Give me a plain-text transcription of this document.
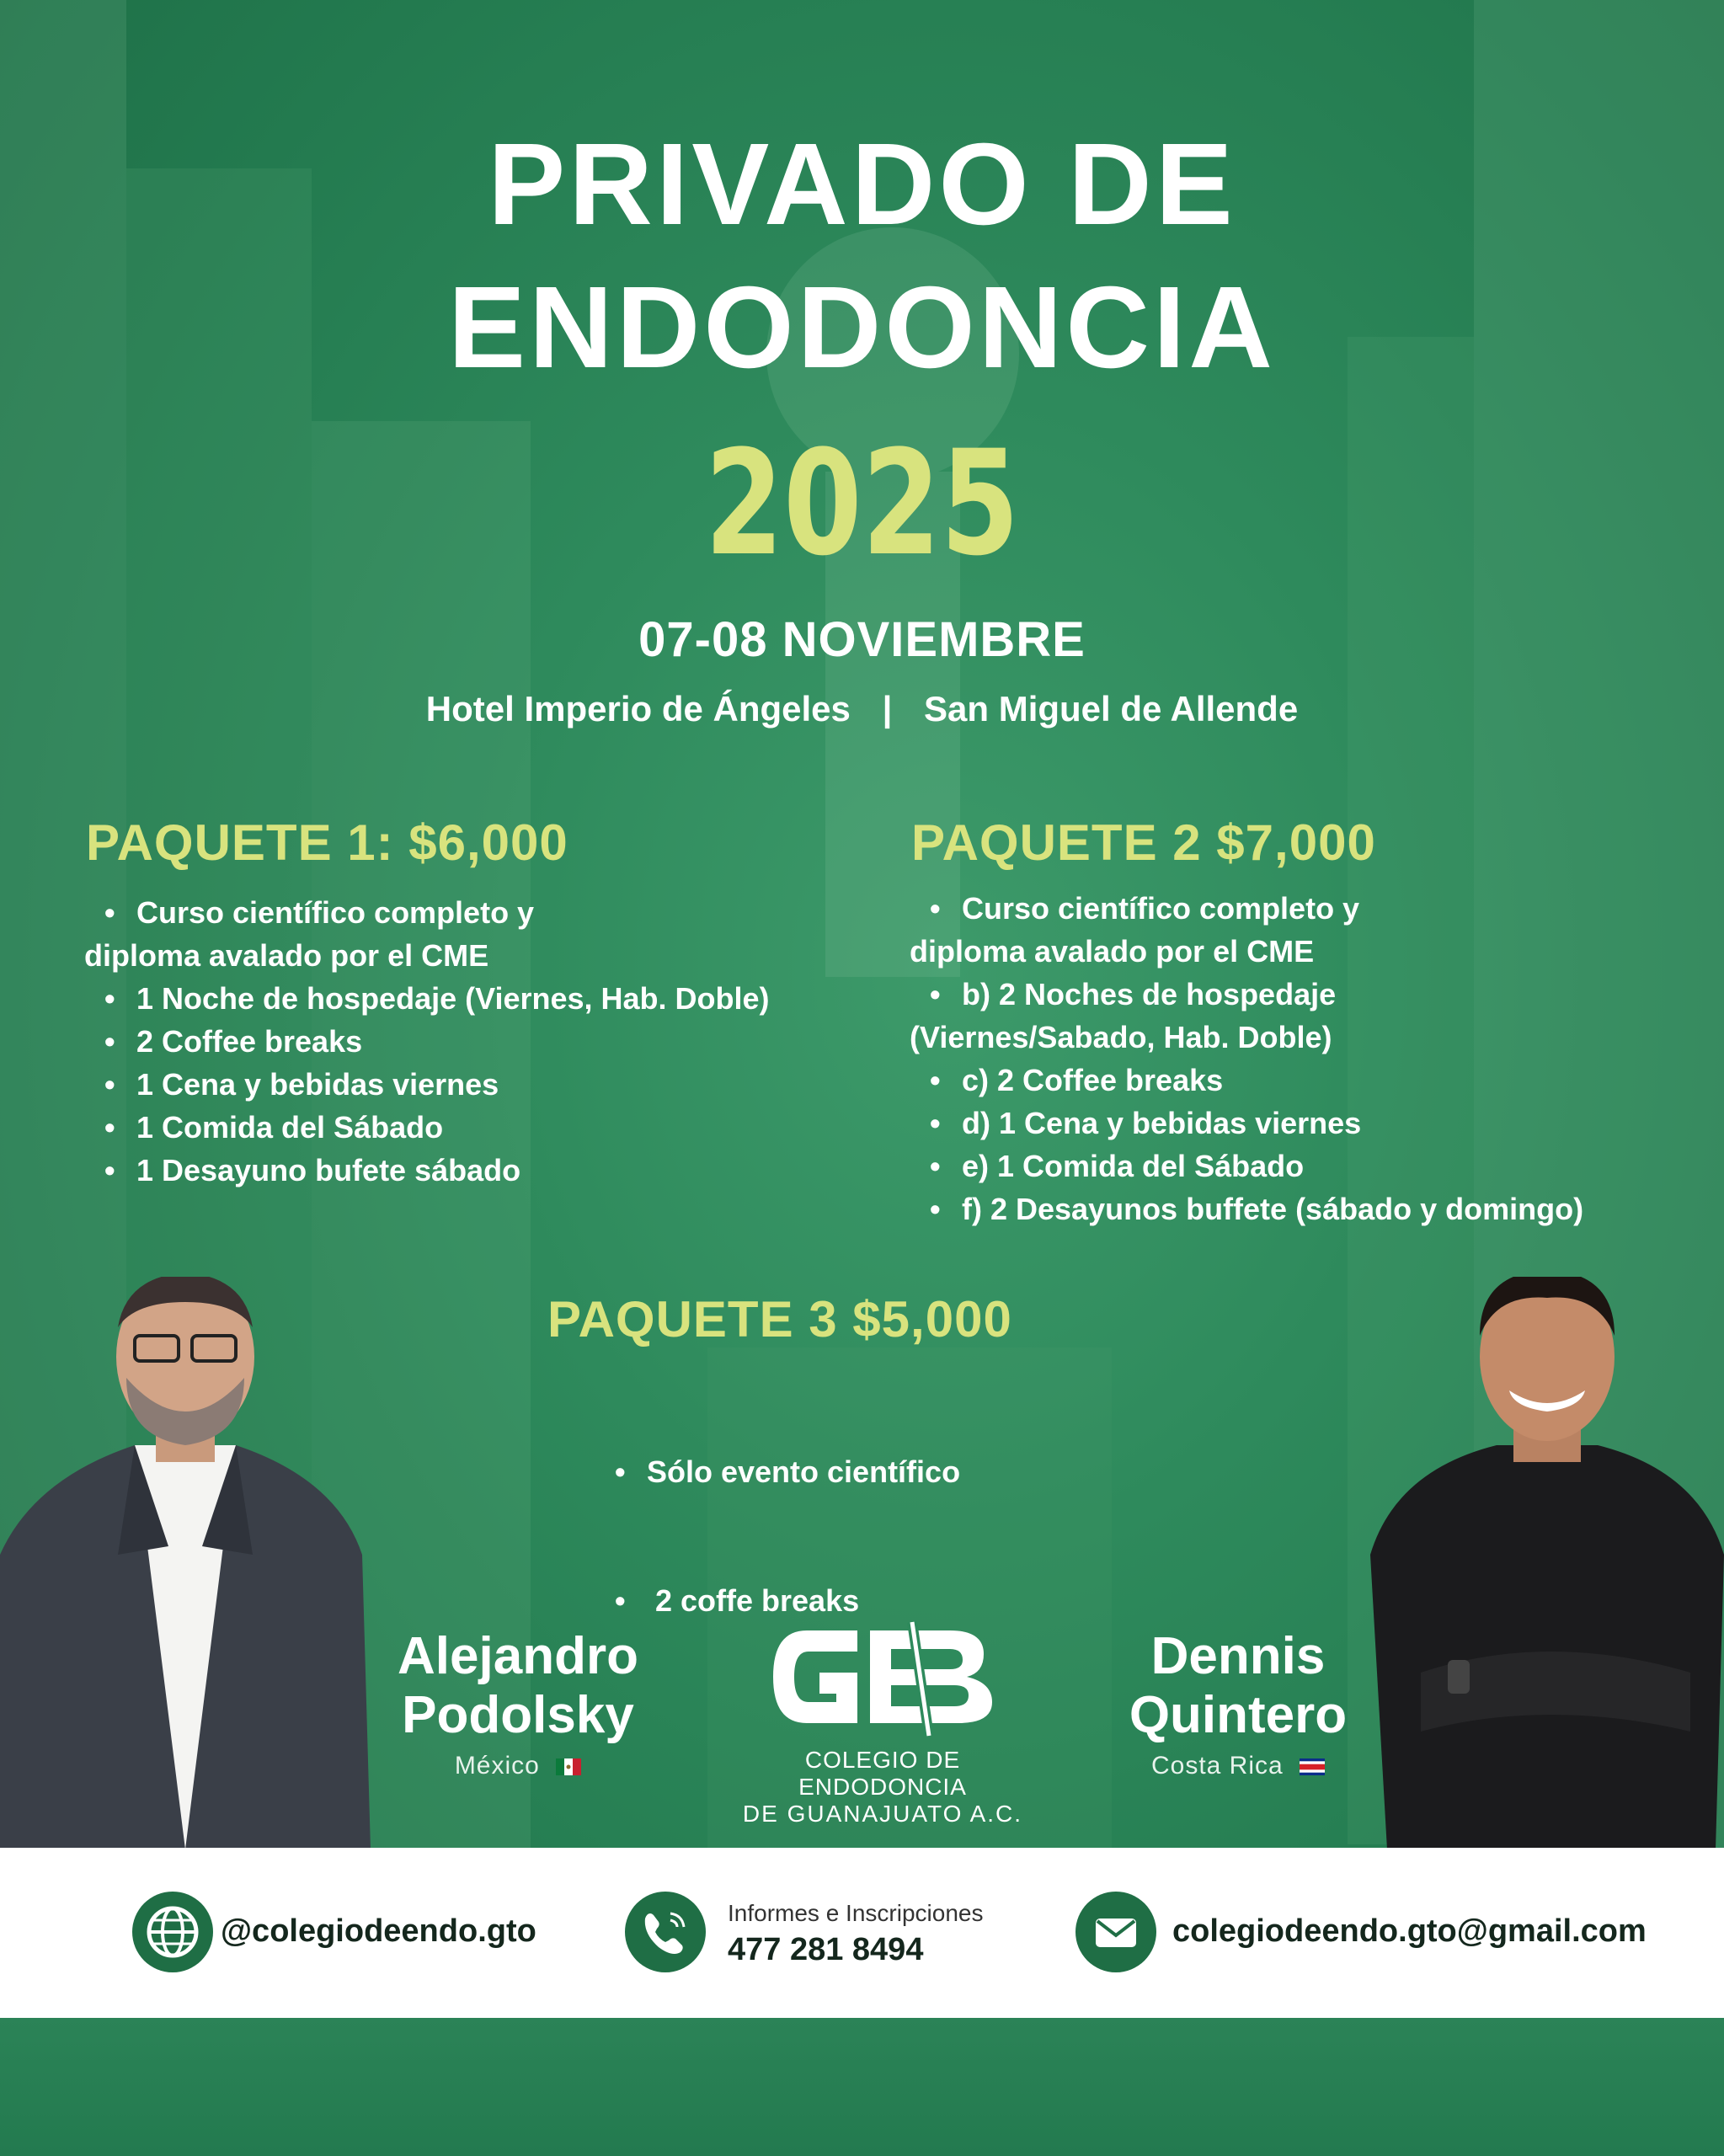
PRIVADO DE
ENDODONCIA
2025
07-08 NOVIEMBRE
Hotel Imperio de Ángeles | San Miguel de Allende
PAQUETE 1: $6,000
• Curso científico completo y
diploma avalado por el CME
• 1 Noche de hospedaje (Viernes, Hab. Doble)
• 2 Coffee breaks
• 1 Cena y bebidas viernes
• 1 Comida del Sábado
• 1 Desayuno bufete sábado
PAQUETE 2 $7,000
• Curso científico completo y
diploma avalado por el CME
• b) 2 Noches de hospedaje
(Viernes/Sabado, Hab. Doble)
• c) 2 Coffee breaks
• d) 1 Cena y bebidas viernes
• e) 1 Comida del Sábado
• f) 2 Desayunos buffete (sábado y domingo)
PAQUETE 3 $5,000

• Sólo evento científico

•  2 coffe breaks

Alejandro
Podolsky
México
Dennis
Quintero
Costa Rica
COLEGIO DE ENDODONCIA
DE GUANAJUATO A.C.
@colegiodeendo.gto
Informes e Inscripciones
477 281 8494
colegiodeendo.gto@gmail.com
